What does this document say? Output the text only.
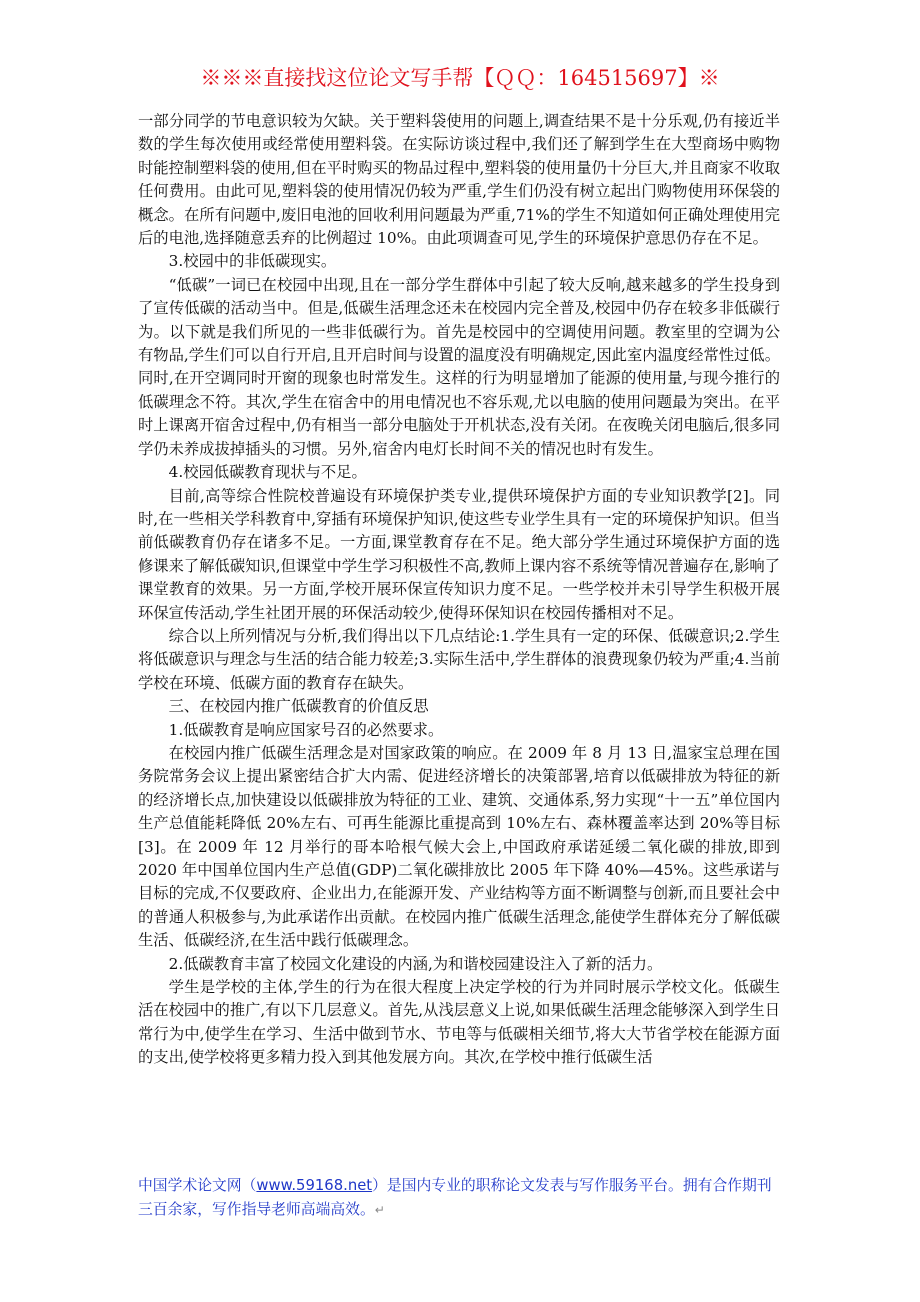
※※※直接找这位论文写手帮【ＱＱ：164515697】※

一部分同学的节电意识较为欠缺。关于塑料袋使用的问题上,调查结果不是十分乐观,仍有接近半数的学生每次使用或经常使用塑料袋。在实际访谈过程中,我们还了解到学生在大型商场中购物时能控制塑料袋的使用,但在平时购买的物品过程中,塑料袋的使用量仍十分巨大,并且商家不收取任何费用。由此可见,塑料袋的使用情况仍较为严重,学生们仍没有树立起出门购物使用环保袋的概念。在所有问题中,废旧电池的回收利用问题最为严重,71%的学生不知道如何正确处理使用完后的电池,选择随意丢弃的比例超过 10%。由此项调查可见,学生的环境保护意思仍存在不足。

3.校园中的非低碳现实。

“低碳”一词已在校园中出现,且在一部分学生群体中引起了较大反响,越来越多的学生投身到了宣传低碳的活动当中。但是,低碳生活理念还未在校园内完全普及,校园中仍存在较多非低碳行为。以下就是我们所见的一些非低碳行为。首先是校园中的空调使用问题。教室里的空调为公有物品,学生们可以自行开启,且开启时间与设置的温度没有明确规定,因此室内温度经常性过低。同时,在开空调同时开窗的现象也时常发生。这样的行为明显增加了能源的使用量,与现今推行的低碳理念不符。其次,学生在宿舍中的用电情况也不容乐观,尤以电脑的使用问题最为突出。在平时上课离开宿舍过程中,仍有相当一部分电脑处于开机状态,没有关闭。在夜晚关闭电脑后,很多同学仍未养成拔掉插头的习惯。另外,宿舍内电灯长时间不关的情况也时有发生。

4.校园低碳教育现状与不足。

目前,高等综合性院校普遍设有环境保护类专业,提供环境保护方面的专业知识教学[2]。同时,在一些相关学科教育中,穿插有环境保护知识,使这些专业学生具有一定的环境保护知识。但当前低碳教育仍存在诸多不足。一方面,课堂教育存在不足。绝大部分学生通过环境保护方面的选修课来了解低碳知识,但课堂中学生学习积极性不高,教师上课内容不系统等情况普遍存在,影响了课堂教育的效果。另一方面,学校开展环保宣传知识力度不足。一些学校并未引导学生积极开展环保宣传活动,学生社团开展的环保活动较少,使得环保知识在校园传播相对不足。

综合以上所列情况与分析,我们得出以下几点结论:1.学生具有一定的环保、低碳意识;2.学生将低碳意识与理念与生活的结合能力较差;3.实际生活中,学生群体的浪费现象仍较为严重;4.当前学校在环境、低碳方面的教育存在缺失。

三、在校园内推广低碳教育的价值反思

1.低碳教育是响应国家号召的必然要求。

在校园内推广低碳生活理念是对国家政策的响应。在 2009 年 8 月 13 日,温家宝总理在国务院常务会议上提出紧密结合扩大内需、促进经济增长的决策部署,培育以低碳排放为特征的新的经济增长点,加快建设以低碳排放为特征的工业、建筑、交通体系,努力实现“十一五”单位国内生产总值能耗降低 20%左右、可再生能源比重提高到 10%左右、森林覆盖率达到 20%等目标[3]。在 2009 年 12 月举行的哥本哈根气候大会上,中国政府承诺延缓二氧化碳的排放,即到 2020 年中国单位国内生产总值(GDP)二氧化碳排放比 2005 年下降 40%—45%。这些承诺与目标的完成,不仅要政府、企业出力,在能源开发、产业结构等方面不断调整与创新,而且要社会中的普通人积极参与,为此承诺作出贡献。在校园内推广低碳生活理念,能使学生群体充分了解低碳生活、低碳经济,在生活中践行低碳理念。

2.低碳教育丰富了校园文化建设的内涵,为和谐校园建设注入了新的活力。

学生是学校的主体,学生的行为在很大程度上决定学校的行为并同时展示学校文化。低碳生活在校园中的推广,有以下几层意义。首先,从浅层意义上说,如果低碳生活理念能够深入到学生日常行为中,使学生在学习、生活中做到节水、节电等与低碳相关细节,将大大节省学校在能源方面的支出,使学校将更多精力投入到其他发展方向。其次,在学校中推行低碳生活

中国学术论文网（www.59168.net）是国内专业的职称论文发表与写作服务平台。拥有合作期刊三百余家，写作指导老师高端高效。↵
